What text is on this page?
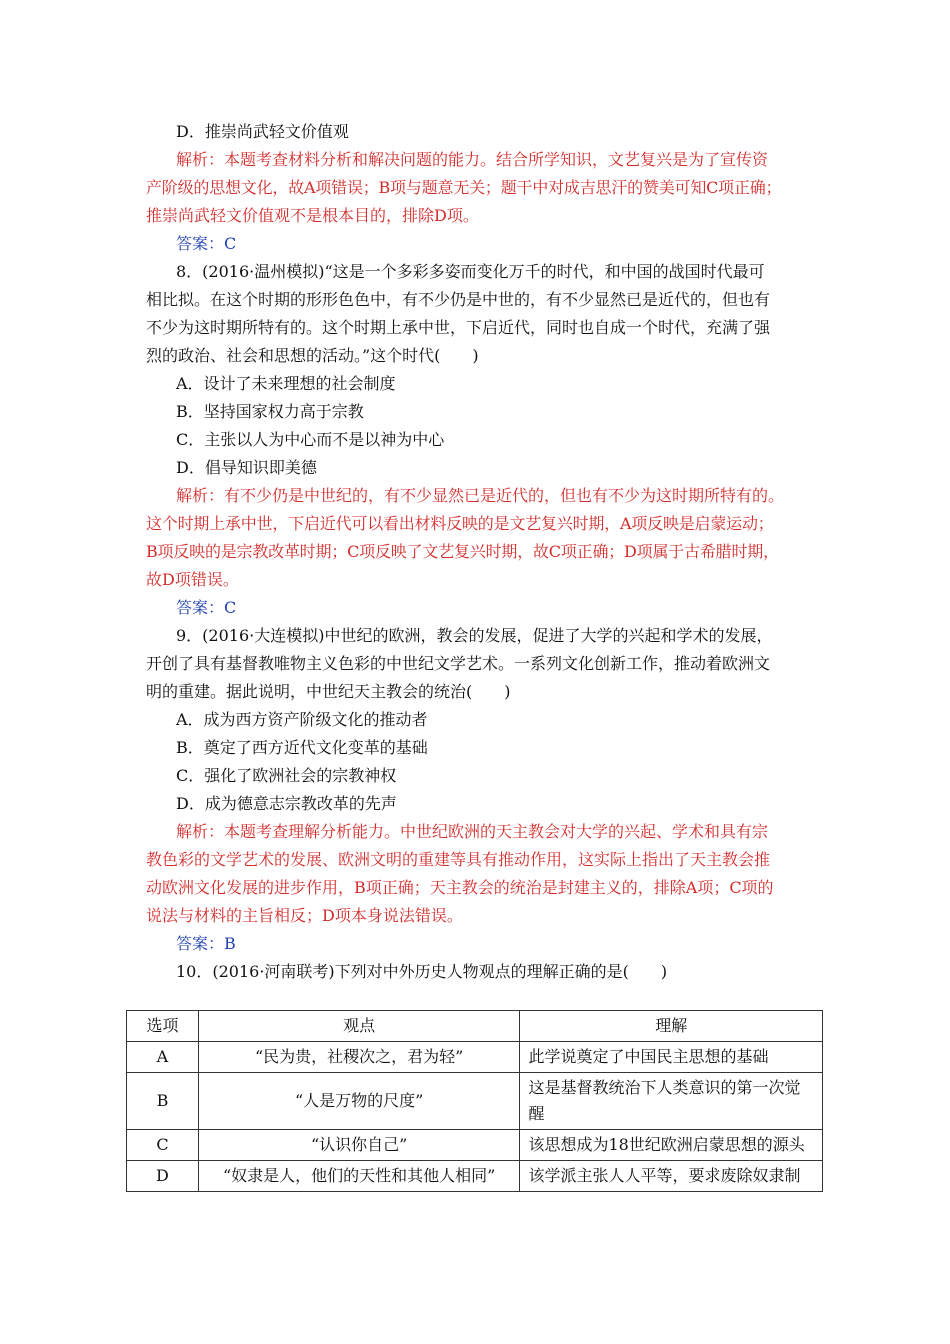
D．推崇尚武轻文价值观
解析：本题考查材料分析和解决问题的能力。结合所学知识，文艺复兴是为了宣传资
产阶级的思想文化，故A项错误；B项与题意无关；题干中对成吉思汗的赞美可知C项正确；
推崇尚武轻文价值观不是根本目的，排除D项。
答案：C
8．(2016·温州模拟)“这是一个多彩多姿而变化万千的时代，和中国的战国时代最可
相比拟。在这个时期的形形色色中，有不少仍是中世的，有不少显然已是近代的，但也有
不少为这时期所特有的。这个时期上承中世，下启近代，同时也自成一个时代，充满了强
烈的政治、社会和思想的活动。”这个时代(　　)
A．设计了未来理想的社会制度
B．坚持国家权力高于宗教
C．主张以人为中心而不是以神为中心
D．倡导知识即美德
解析：有不少仍是中世纪的，有不少显然已是近代的，但也有不少为这时期所特有的。
这个时期上承中世，下启近代可以看出材料反映的是文艺复兴时期，A项反映是启蒙运动；
B项反映的是宗教改革时期；C项反映了文艺复兴时期，故C项正确；D项属于古希腊时期，
故D项错误。
答案：C
9．(2016·大连模拟)中世纪的欧洲，教会的发展，促进了大学的兴起和学术的发展，
开创了具有基督教唯物主义色彩的中世纪文学艺术。一系列文化创新工作，推动着欧洲文
明的重建。据此说明，中世纪天主教会的统治(　　)
A．成为西方资产阶级文化的推动者
B．奠定了西方近代文化变革的基础
C．强化了欧洲社会的宗教神权
D．成为德意志宗教改革的先声
解析：本题考查理解分析能力。中世纪欧洲的天主教会对大学的兴起、学术和具有宗
教色彩的文学艺术的发展、欧洲文明的重建等具有推动作用，这实际上指出了天主教会推
动欧洲文化发展的进步作用，B项正确；天主教会的统治是封建主义的，排除A项；C项的
说法与材料的主旨相反；D项本身说法错误。
答案：B
10．(2016·河南联考)下列对中外历史人物观点的理解正确的是(　　)
选项	观点	理解
A	“民为贵，社稷次之，君为轻”	此学说奠定了中国民主思想的基础
B	“人是万物的尺度”	这是基督教统治下人类意识的第一次觉醒
C	“认识你自己”	该思想成为18世纪欧洲启蒙思想的源头
D	“奴隶是人，他们的天性和其他人相同”	该学派主张人人平等，要求废除奴隶制
